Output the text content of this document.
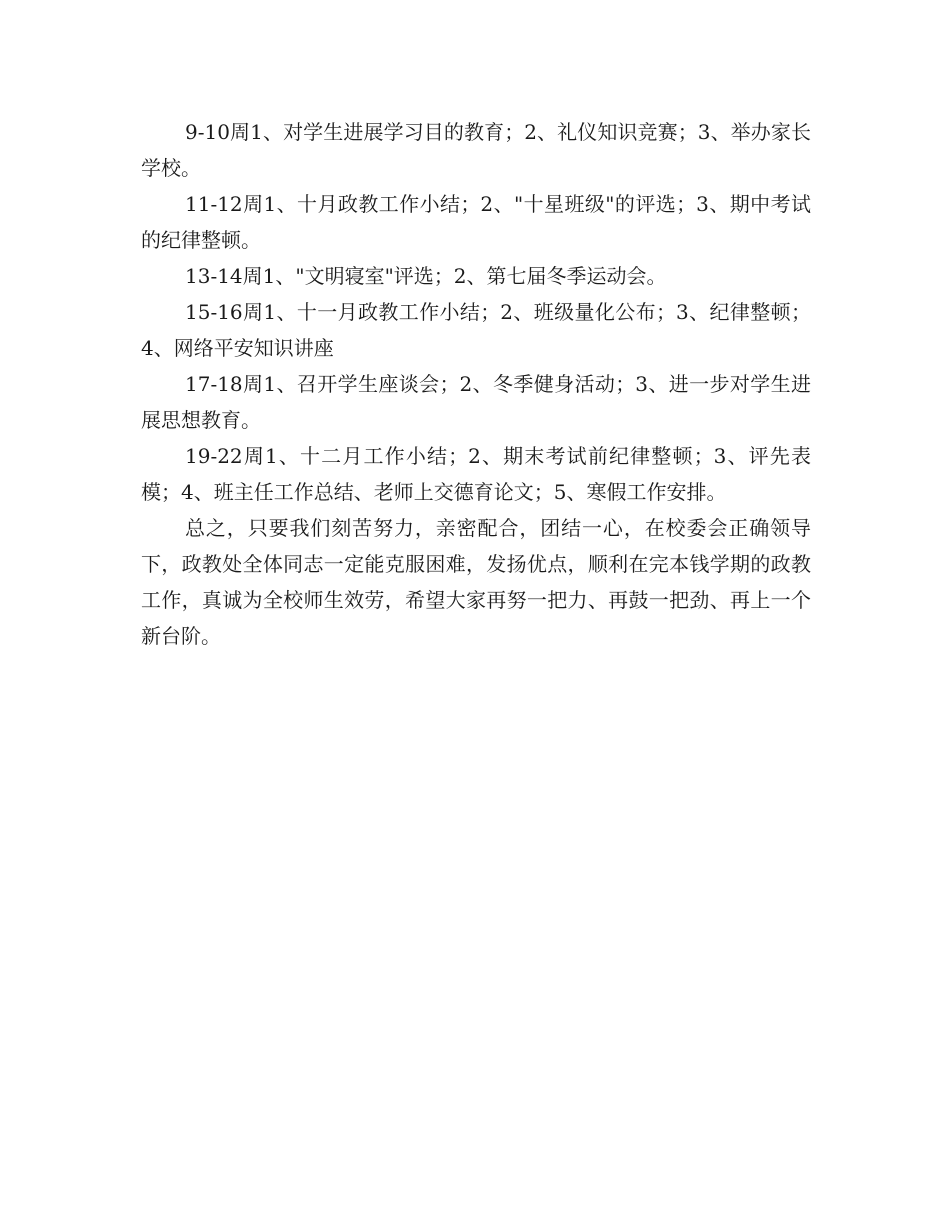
9-10周1、对学生进展学习目的教育；2、礼仪知识竞赛；3、举办家长学校。

11-12周1、十月政教工作小结；2、"十星班级"的评选；3、期中考试的纪律整顿。

13-14周1、"文明寝室"评选；2、第七届冬季运动会。

15-16周1、十一月政教工作小结；2、班级量化公布；3、纪律整顿；4、网络平安知识讲座

17-18周1、召开学生座谈会；2、冬季健身活动；3、进一步对学生进展思想教育。

19-22周1、十二月工作小结；2、期末考试前纪律整顿；3、评先表模；4、班主任工作总结、老师上交德育论文；5、寒假工作安排。

总之，只要我们刻苦努力，亲密配合，团结一心，在校委会正确领导下，政教处全体同志一定能克服困难，发扬优点，顺利在完本钱学期的政教工作，真诚为全校师生效劳，希望大家再努一把力、再鼓一把劲、再上一个新台阶。
